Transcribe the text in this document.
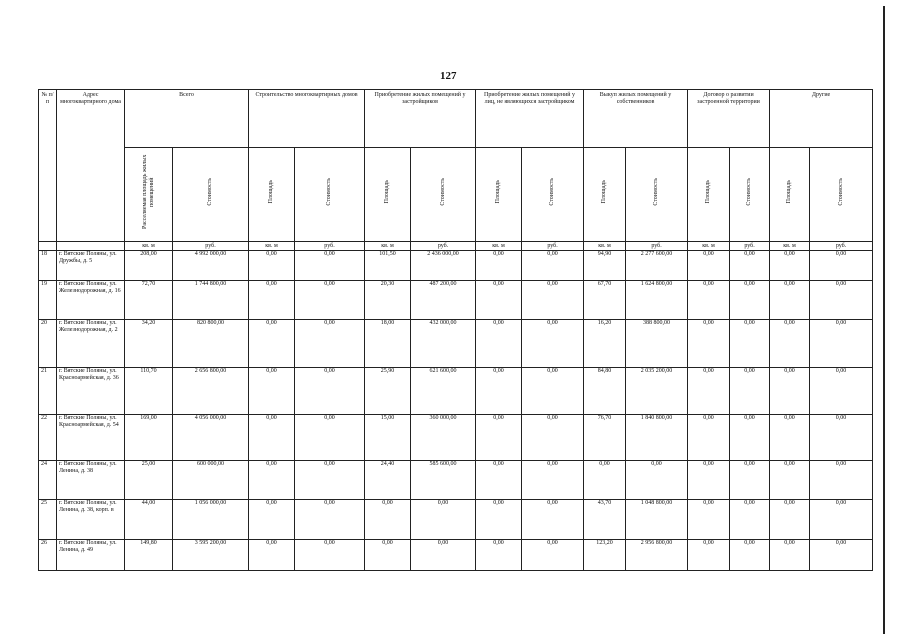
127
№ п/п	Адрес многоквартирного дома	Всего		Строительство многоквартирных домов		Приобретение жилых помещений у застройщиков		Приобретение жилых помещений у лиц, не являющихся застройщиком		Выкуп жилых помещений у собственников		Договор о развитии застроенной территории		Другие	
		Расселяемая площадь жилых помещений	Стоимость	Площадь	Стоимость	Площадь	Стоимость	Площадь	Стоимость	Площадь	Стоимость	Площадь	Стоимость	Площадь	Стоимость
		кв. м	руб.	кв. м	руб.	кв. м	руб.	кв. м	руб.	кв. м	руб.	кв. м	руб.	кв. м	руб.
18	г. Вятские Поляны, ул. Дружбы, д. 5	208,00	4 992 000,00	0,00	0,00	101,50	2 436 000,00	0,00	0,00	94,90	2 277 600,00	0,00	0,00	0,00	0,00
19	г. Вятские Поляны, ул. Железнодорожная, д. 16	72,70	1 744 800,00	0,00	0,00	20,30	487 200,00	0,00	0,00	67,70	1 624 800,00	0,00	0,00	0,00	0,00
20	г. Вятские Поляны, ул. Железнодорожная, д. 2	34,20	820 800,00	0,00	0,00	18,00	432 000,00	0,00	0,00	16,20	388 800,00	0,00	0,00	0,00	0,00
21	г. Вятские Поляны, ул. Красноармейская, д. 36	110,70	2 656 800,00	0,00	0,00	25,90	621 600,00	0,00	0,00	84,80	2 035 200,00	0,00	0,00	0,00	0,00
22	г. Вятские Поляны, ул. Красноармейская, д. 54	169,00	4 056 000,00	0,00	0,00	15,00	360 000,00	0,00	0,00	76,70	1 840 800,00	0,00	0,00	0,00	0,00
24	г. Вятские Поляны, ул. Ленина, д. 38	25,00	600 000,00	0,00	0,00	24,40	585 600,00	0,00	0,00	0,00	0,00	0,00	0,00	0,00	0,00
25	г. Вятские Поляны, ул. Ленина, д. 38, корп. в	44,00	1 056 000,00	0,00	0,00	0,00	0,00	0,00	0,00	43,70	1 048 800,00	0,00	0,00	0,00	0,00
26	г. Вятские Поляны, ул. Ленина, д. 49	149,80	3 595 200,00	0,00	0,00	0,00	0,00	0,00	0,00	123,20	2 956 800,00	0,00	0,00	0,00	0,00
